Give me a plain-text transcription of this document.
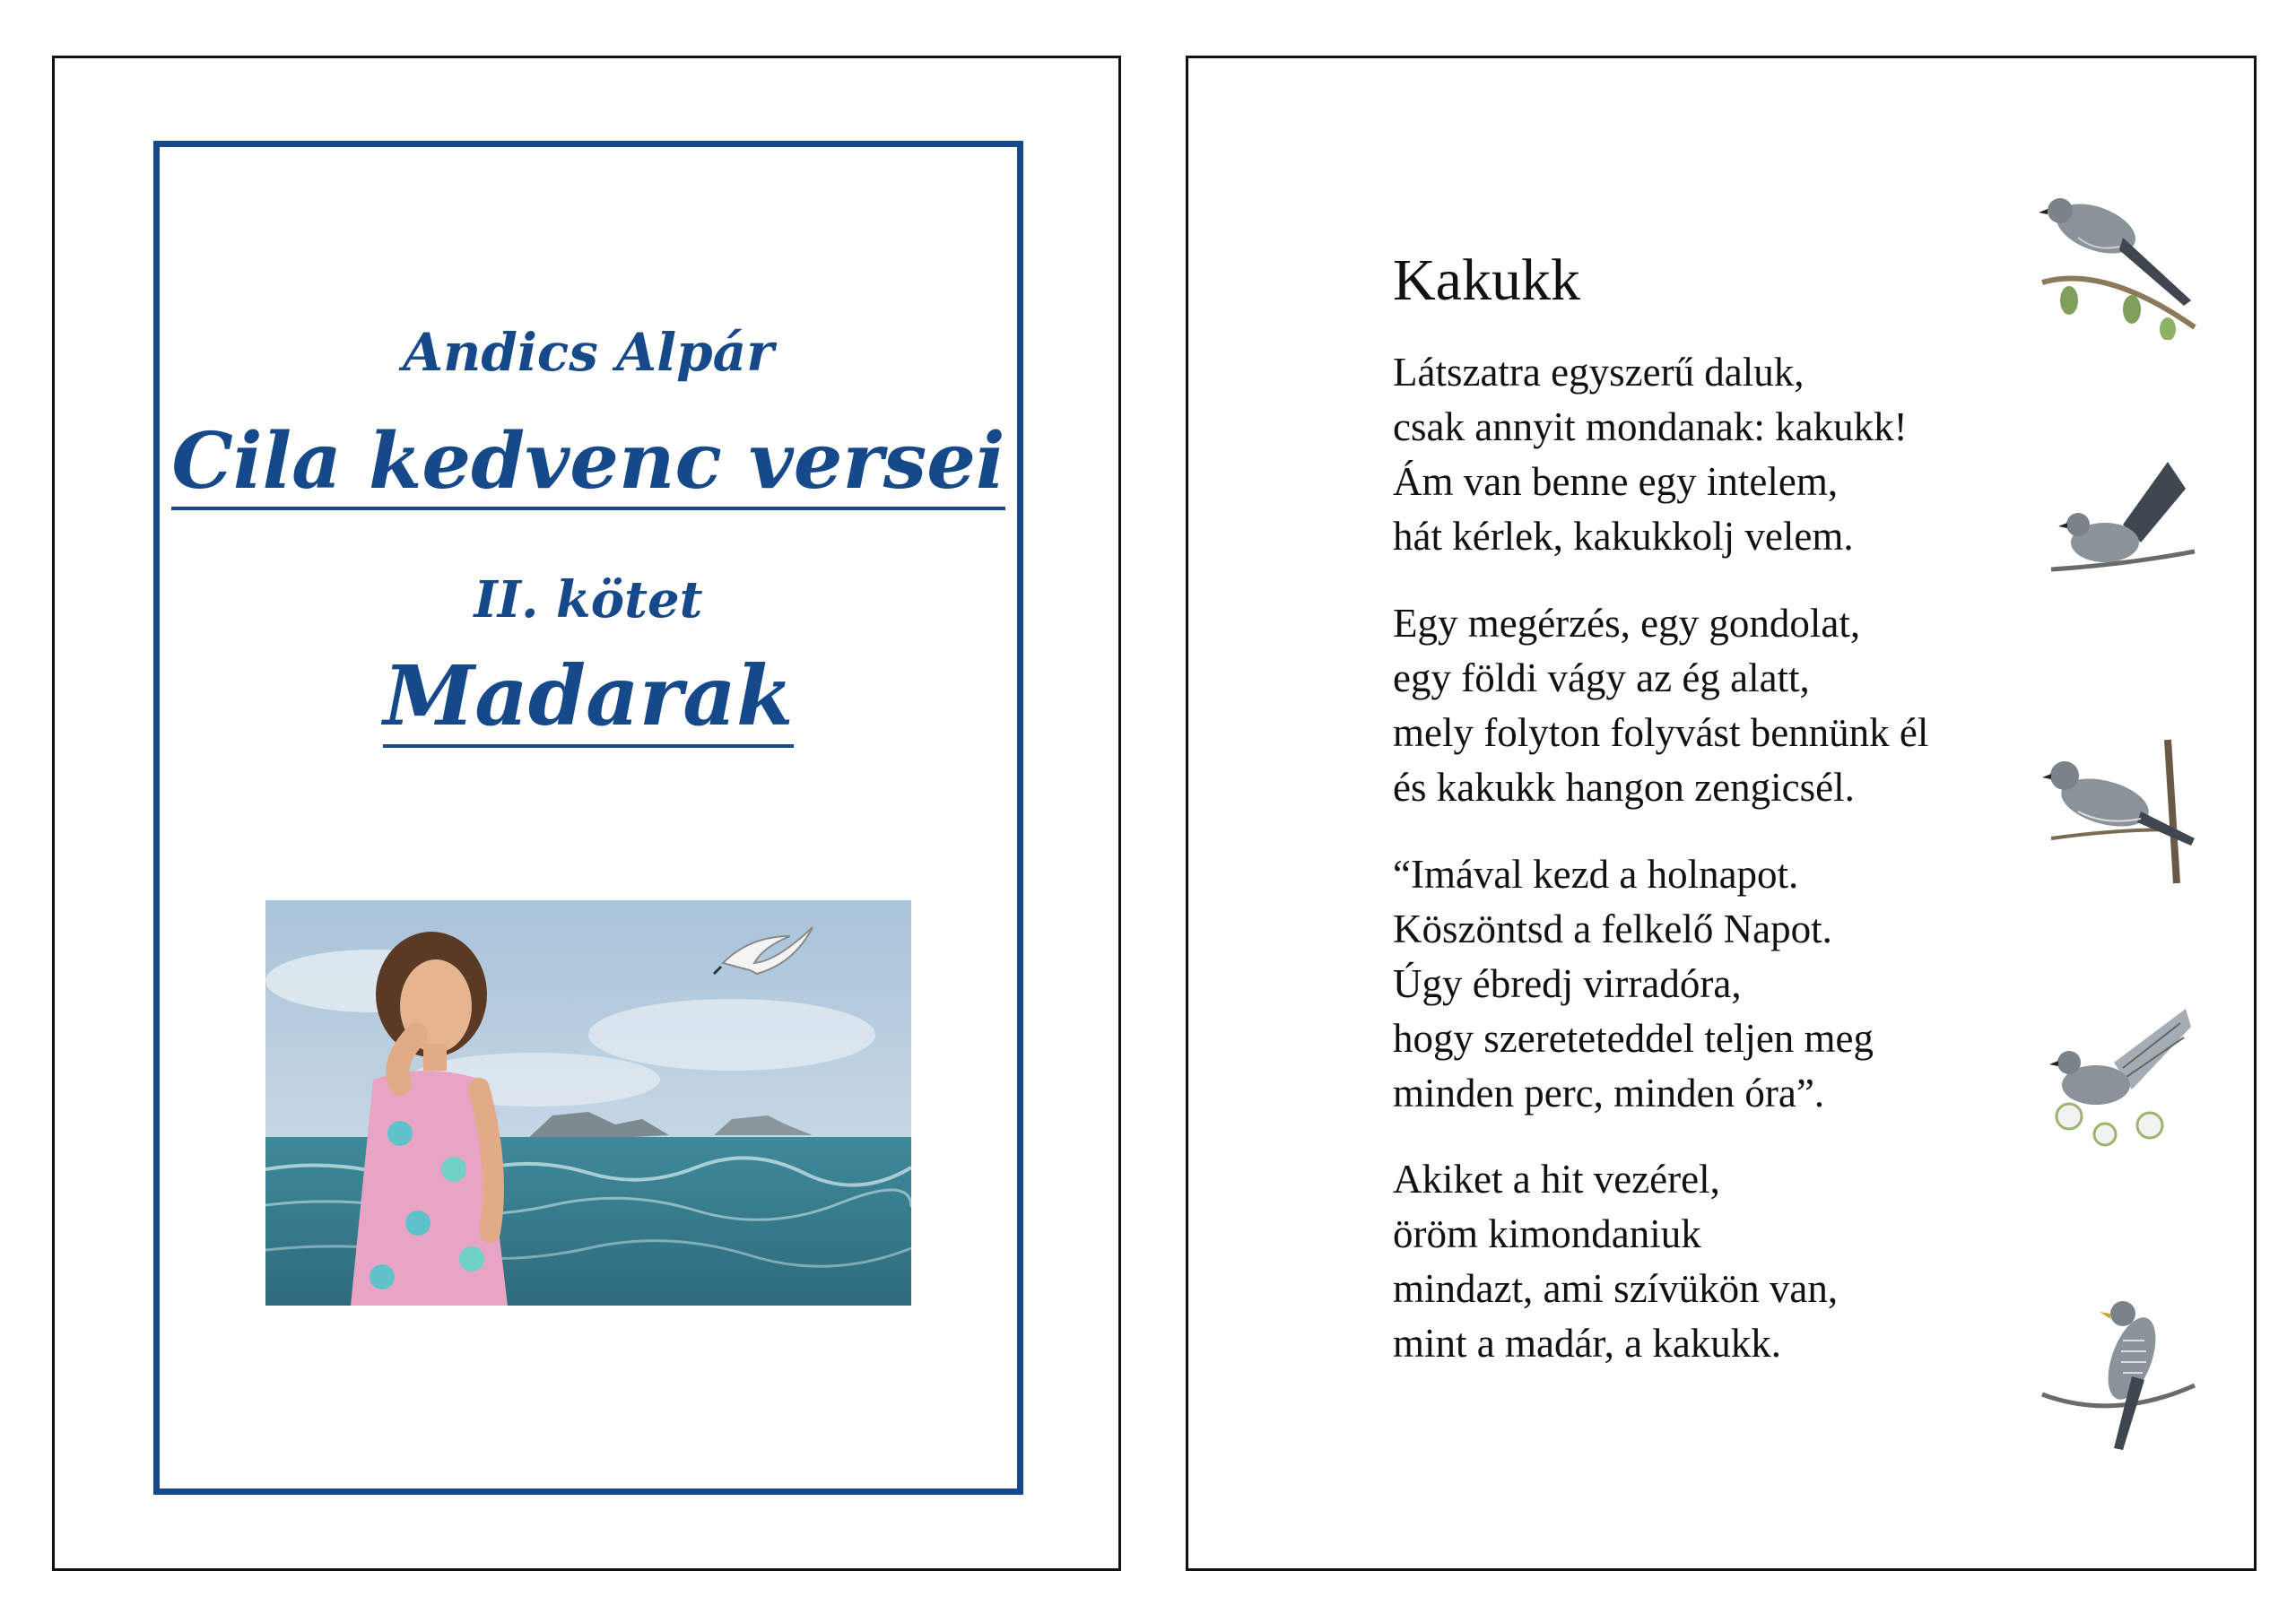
Andics Alpár
Cila kedvenc versei
II. kötet
Madarak
Kakukk

Látszatra egyszerű daluk,
csak annyit mondanak: kakukk!
Ám van benne egy intelem,
hát kérlek, kakukkolj velem.

Egy megérzés, egy gondolat,
egy földi vágy az ég alatt,
mely folyton folyvást bennünk él
és kakukk hangon zengicsél.

“Imával kezd a holnapot.
Köszöntsd a felkelő Napot.
Úgy ébredj virradóra,
hogy szereteteddel teljen meg
minden perc, minden óra”.

Akiket a hit vezérel,
öröm kimondaniuk
mindazt, ami szívükön van,
mint a madár, a kakukk.
